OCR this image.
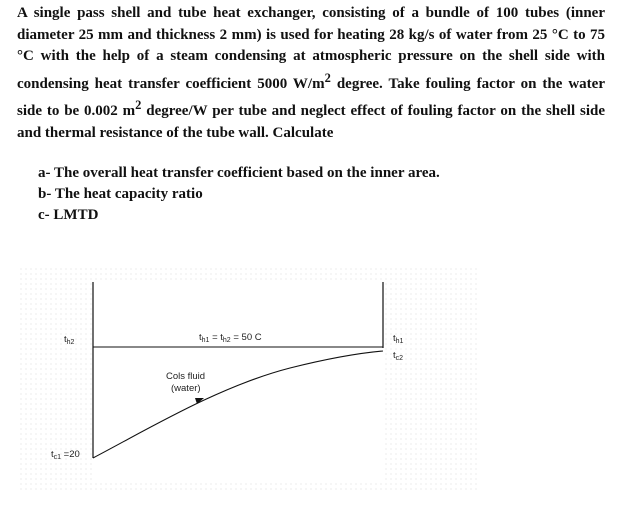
A single pass shell and tube heat exchanger, consisting of a bundle of 100 tubes (inner diameter 25 mm and thickness 2 mm) is used for heating 28 kg/s of water from 25 °C to 75 °C with the help of a steam condensing at atmospheric pressure on the shell side with condensing heat transfer coefficient 5000 $W/m^2$ degree. Take fouling factor on the water side to be 0.002 $m^2$ degree/W per tube and neglect effect of fouling factor on the shell side and thermal resistance of the tube wall. Calculate

a- The overall heat transfer coefficient based on the inner area.
b- The heat capacity ratio
c- LMTD
$t_{h2}$	$t_{h1} = t_{h2} = 50$ C	$t_{h1}$
$t_{c2}$
Cols fluid
(water)
$t_{c1} =20$
